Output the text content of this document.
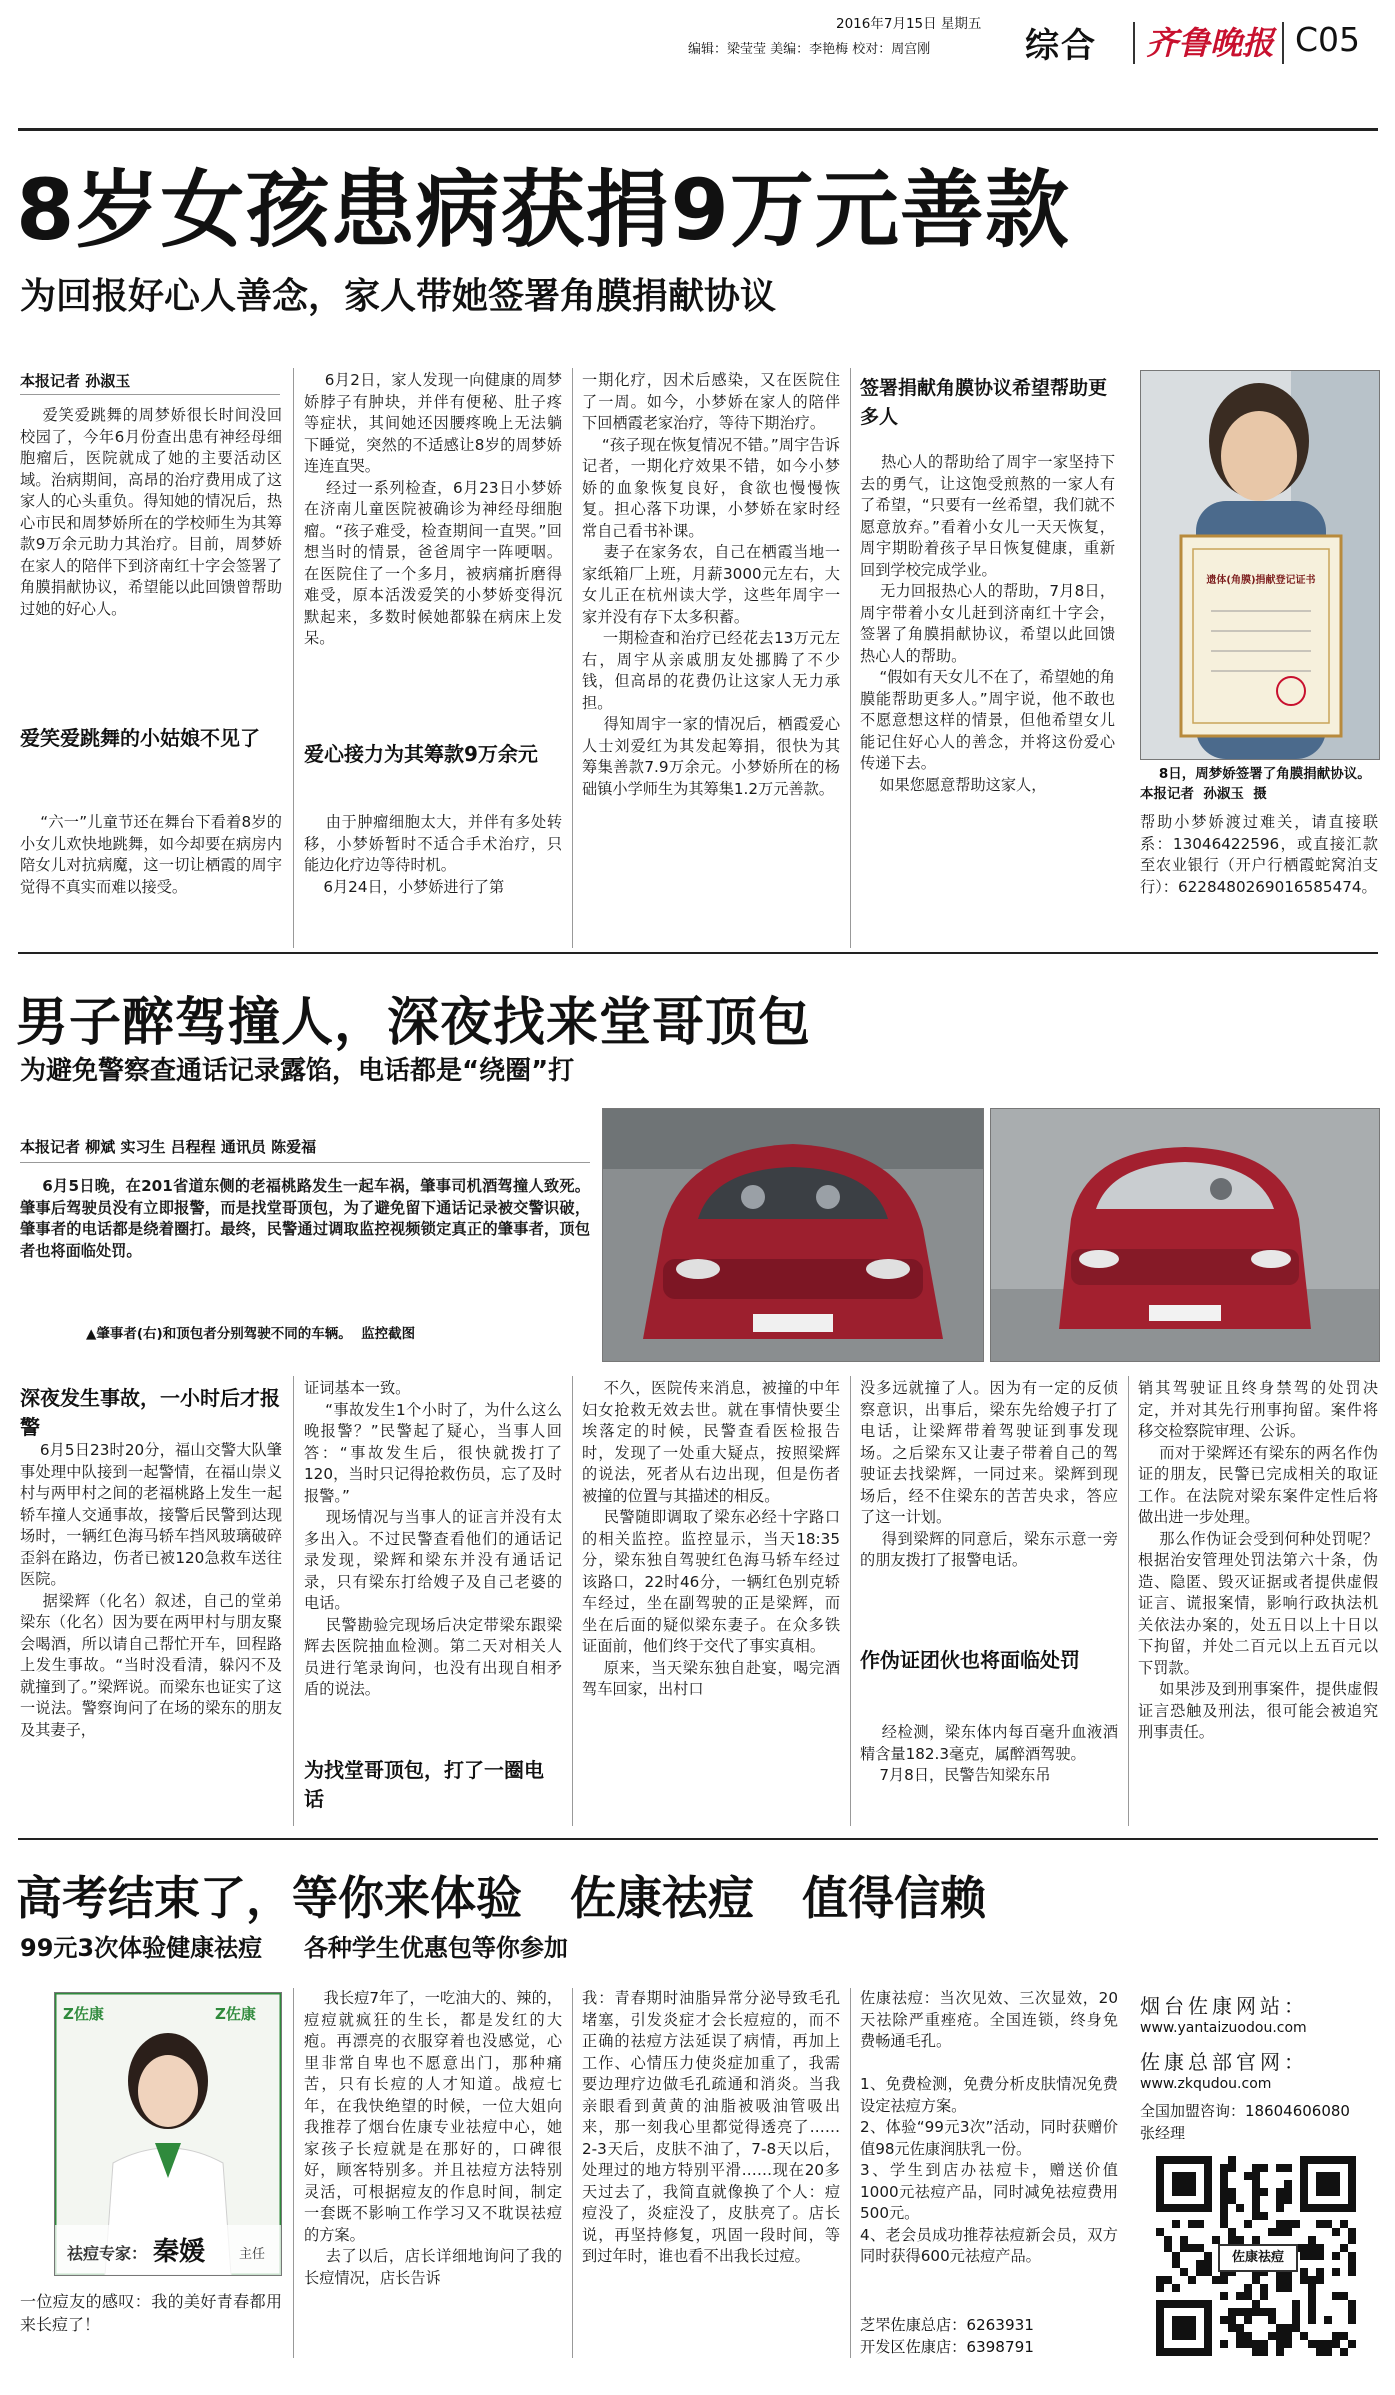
2016年7月15日 星期五
编辑：梁莹莹 美编：李艳梅 校对：周宫刚	综合 齐鲁晚报 C05
8岁女孩患病获捐9万元善款
为回报好心人善念，家人带她签署角膜捐献协议
本报记者 孙淑玉
爱笑爱跳舞的周梦娇很长时间没回校园了，今年6月份查出患有神经母细胞瘤后，医院就成了她的主要活动区域。治病期间，高昂的治疗费用成了这家人的心头重负。得知她的情况后，热心市民和周梦娇所在的学校师生为其筹款9万余元助力其治疗。目前，周梦娇在家人的陪伴下到济南红十字会签署了角膜捐献协议，希望能以此回馈曾帮助过她的好心人。
爱笑爱跳舞的小姑娘不见了
“六一”儿童节还在舞台下看着8岁的小女儿欢快地跳舞，如今却要在病房内陪女儿对抗病魔，这一切让栖霞的周宇觉得不真实而难以接受。
6月2日，家人发现一向健康的周梦娇脖子有肿块，并伴有便秘、肚子疼等症状，其间她还因腰疼晚上无法躺下睡觉，突然的不适感让8岁的周梦娇连连直哭。
经过一系列检查，6月23日小梦娇在济南儿童医院被确诊为神经母细胞瘤。“孩子难受，检查期间一直哭。”回想当时的情景，爸爸周宇一阵哽咽。在医院住了一个多月，被病痛折磨得难受，原本活泼爱笑的小梦娇变得沉默起来，多数时候她都躲在病床上发呆。
爱心接力为其筹款9万余元
由于肿瘤细胞太大，并伴有多处转移，小梦娇暂时不适合手术治疗，只能边化疗边等待时机。
6月24日，小梦娇进行了第
一期化疗，因术后感染，又在医院住了一周。如今，小梦娇在家人的陪伴下回栖霞老家治疗，等待下期治疗。
“孩子现在恢复情况不错。”周宇告诉记者，一期化疗效果不错，如今小梦娇的血象恢复良好，食欲也慢慢恢复。担心落下功课，小梦娇在家时经常自己看书补课。
妻子在家务农，自己在栖霞当地一家纸箱厂上班，月薪3000元左右，大女儿正在杭州读大学，这些年周宇一家并没有存下太多积蓄。
一期检查和治疗已经花去13万元左右，周宇从亲戚朋友处挪腾了不少钱，但高昂的花费仍让这家人无力承担。
得知周宇一家的情况后，栖霞爱心人士刘爱红为其发起筹捐，很快为其筹集善款7.9万余元。小梦娇所在的杨础镇小学师生为其筹集1.2万元善款。
签署捐献角膜协议希望帮助更多人
热心人的帮助给了周宇一家坚持下去的勇气，让这饱受煎熬的一家人有了希望，“只要有一丝希望，我们就不愿意放弃。”看着小女儿一天天恢复，周宇期盼着孩子早日恢复健康，重新回到学校完成学业。
无力回报热心人的帮助，7月8日，周宇带着小女儿赶到济南红十字会，签署了角膜捐献协议，希望以此回馈热心人的帮助。
“假如有天女儿不在了，希望她的角膜能帮助更多人。”周宇说，他不敢也不愿意想这样的情景，但他希望女儿能记住好心人的善念，并将这份爱心传递下去。
如果您愿意帮助这家人，
遗体(角膜)捐献登记证书
8日，周梦娇签署了角膜捐献协议。 本报记者  孙淑玉  摄
帮助小梦娇渡过难关，请直接联系：13046422596，或直接汇款至农业银行（开户行栖霞蛇窝泊支行）：6228480269016585474。
男子醉驾撞人，深夜找来堂哥顶包
为避免警察查通话记录露馅，电话都是“绕圈”打
本报记者 柳斌 实习生 吕程程 通讯员 陈爱福
6月5日晚，在201省道东侧的老福桃路发生一起车祸，肇事司机酒驾撞人致死。肇事后驾驶员没有立即报警，而是找堂哥顶包，为了避免留下通话记录被交警识破，肇事者的电话都是绕着圈打。最终，民警通过调取监控视频锁定真正的肇事者，顶包者也将面临处罚。
▲肇事者(右)和顶包者分别驾驶不同的车辆。  监控截图
深夜发生事故，一小时后才报警
6月5日23时20分，福山交警大队肇事处理中队接到一起警情，在福山崇义村与两甲村之间的老福桃路上发生一起轿车撞人交通事故，接警后民警到达现场时，一辆红色海马轿车挡风玻璃破碎歪斜在路边，伤者已被120急救车送往医院。
据梁辉（化名）叙述，自己的堂弟梁东（化名）因为要在两甲村与朋友聚会喝酒，所以请自己帮忙开车，回程路上发生事故。“当时没看清，躲闪不及就撞到了。”梁辉说。而梁东也证实了这一说法。警察询问了在场的梁东的朋友及其妻子，
证词基本一致。
“事故发生1个小时了，为什么这么晚报警？”民警起了疑心，当事人回答：“事故发生后，很快就拨打了120，当时只记得抢救伤员，忘了及时报警。”
现场情况与当事人的证言并没有太多出入。不过民警查看他们的通话记录发现，梁辉和梁东并没有通话记录，只有梁东打给嫂子及自己老婆的电话。
民警勘验完现场后决定带梁东跟梁辉去医院抽血检测。第二天对相关人员进行笔录询问，也没有出现自相矛盾的说法。
为找堂哥顶包，打了一圈电话
不久，医院传来消息，被撞的中年妇女抢救无效去世。就在事情快要尘埃落定的时候，民警查看医检报告时，发现了一处重大疑点，按照梁辉的说法，死者从右边出现，但是伤者被撞的位置与其描述的相反。
民警随即调取了梁东必经十字路口的相关监控。监控显示，当天18:35分，梁东独自驾驶红色海马轿车经过该路口，22时46分，一辆红色别克轿车经过，坐在副驾驶的正是梁辉，而坐在后面的疑似梁东妻子。在众多铁证面前，他们终于交代了事实真相。
原来，当天梁东独自赴宴，喝完酒驾车回家，出村口
没多远就撞了人。因为有一定的反侦察意识，出事后，梁东先给嫂子打了电话，让梁辉带着驾驶证到事发现场。之后梁东又让妻子带着自己的驾驶证去找梁辉，一同过来。梁辉到现场后，经不住梁东的苦苦央求，答应了这一计划。
得到梁辉的同意后，梁东示意一旁的朋友拨打了报警电话。
作伪证团伙也将面临处罚
经检测，梁东体内每百毫升血液酒精含量182.3毫克，属醉酒驾驶。
7月8日，民警告知梁东吊
销其驾驶证且终身禁驾的处罚决定，并对其先行刑事拘留。案件将移交检察院审理、公诉。
而对于梁辉还有梁东的两名作伪证的朋友，民警已完成相关的取证工作。在法院对梁东案件定性后将做出进一步处理。
那么作伪证会受到何种处罚呢？根据治安管理处罚法第六十条，伪造、隐匿、毁灭证据或者提供虚假证言、谎报案情，影响行政执法机关依法办案的，处五日以上十日以下拘留，并处二百元以上五百元以下罚款。
如果涉及到刑事案件，提供虚假证言恐触及刑法，很可能会被追究刑事责任。
高考结束了，等你来体验   佐康祛痘   值得信赖
99元3次体验健康祛痘     各种学生优惠包等你参加
Z佐康	Z佐康
祛痘专家： 秦媛	主任
一位痘友的感叹：我的美好青春都用来长痘了！
我长痘7年了，一吃油大的、辣的，痘痘就疯狂的生长，都是发红的大疱。再漂亮的衣服穿着也没感觉，心里非常自卑也不愿意出门，那种痛苦，只有长痘的人才知道。战痘七年，在我快绝望的时候，一位大姐向我推荐了烟台佐康专业祛痘中心，她家孩子长痘就是在那好的，口碑很好，顾客特别多。并且祛痘方法特别灵活，可根据痘友的作息时间，制定一套既不影响工作学习又不耽误祛痘的方案。
去了以后，店长详细地询问了我的长痘情况，店长告诉
我：青春期时油脂异常分泌导致毛孔堵塞，引发炎症才会长痘痘的，而不正确的祛痘方法延误了病情，再加上工作、心情压力使炎症加重了，我需要边理疗边做毛孔疏通和消炎。当我亲眼看到黄黄的油脂被吸油管吸出来，那一刻我心里都觉得透亮了……2-3天后，皮肤不油了，7-8天以后，处理过的地方特别平滑……现在20多天过去了，我简直就像换了个人：痘痘没了，炎症没了，皮肤亮了。店长说，再坚持修复，巩固一段时间，等到过年时，谁也看不出我长过痘。
佐康祛痘：当次见效、三次显效，20天祛除严重痤疮。全国连锁，终身免费畅通毛孔。

1、免费检测，免费分析皮肤情况免费设定祛痘方案。
2、体验“99元3次”活动，同时获赠价值98元佐康润肤乳一份。
3、学生到店办祛痘卡，赠送价值1000元祛痘产品，同时减免祛痘费用500元。
4、老会员成功推荐祛痘新会员，双方同时获得600元祛痘产品。
芝罘佐康总店：6263931
开发区佐康店：6398791
烟台佐康网站：
www.yantaizuodou.com
佐康总部官网：
www.zkqudou.com
全国加盟咨询：18604606080
张经理
佐康祛痘
